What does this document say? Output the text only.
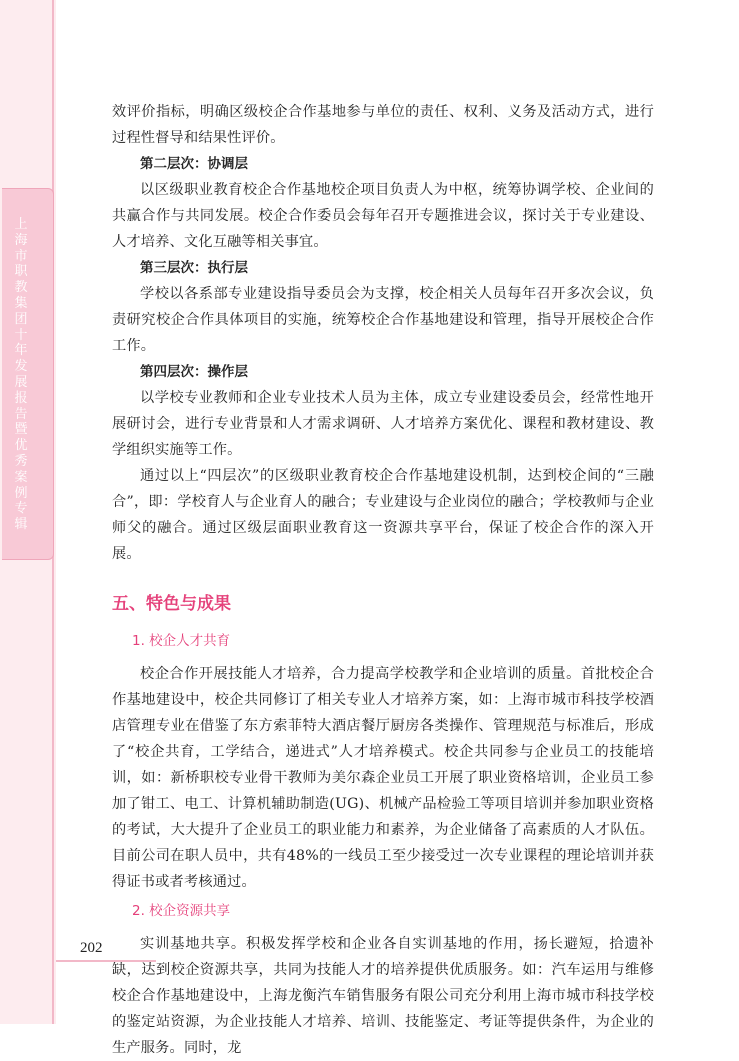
上海市职教集团十年发展报告暨优秀案例专辑

效评价指标，明确区级校企合作基地参与单位的责任、权利、义务及活动方式，进行过程性督导和结果性评价。

第二层次：协调层

以区级职业教育校企合作基地校企项目负责人为中枢，统筹协调学校、企业间的共赢合作与共同发展。校企合作委员会每年召开专题推进会议，探讨关于专业建设、人才培养、文化互融等相关事宜。

第三层次：执行层

学校以各系部专业建设指导委员会为支撑，校企相关人员每年召开多次会议，负责研究校企合作具体项目的实施，统筹校企合作基地建设和管理，指导开展校企合作工作。

第四层次：操作层

以学校专业教师和企业专业技术人员为主体，成立专业建设委员会，经常性地开展研讨会，进行专业背景和人才需求调研、人才培养方案优化、课程和教材建设、教学组织实施等工作。

通过以上“四层次”的区级职业教育校企合作基地建设机制，达到校企间的“三融合”，即：学校育人与企业育人的融合；专业建设与企业岗位的融合；学校教师与企业师父的融合。通过区级层面职业教育这一资源共享平台，保证了校企合作的深入开展。

五、特色与成果
1. 校企人才共育

校企合作开展技能人才培养，合力提高学校教学和企业培训的质量。首批校企合作基地建设中，校企共同修订了相关专业人才培养方案，如：上海市城市科技学校酒店管理专业在借鉴了东方索菲特大酒店餐厅厨房各类操作、管理规范与标准后，形成了“校企共育，工学结合，递进式”人才培养模式。校企共同参与企业员工的技能培训，如：新桥职校专业骨干教师为美尔森企业员工开展了职业资格培训，企业员工参加了钳工、电工、计算机辅助制造(UG)、机械产品检验工等项目培训并参加职业资格的考试，大大提升了企业员工的职业能力和素养，为企业储备了高素质的人才队伍。目前公司在职人员中，共有48%的一线员工至少接受过一次专业课程的理论培训并获得证书或者考核通过。

2. 校企资源共享

实训基地共享。积极发挥学校和企业各自实训基地的作用，扬长避短，拾遗补缺，达到校企资源共享，共同为技能人才的培养提供优质服务。如：汽车运用与维修校企合作基地建设中，上海龙衡汽车销售服务有限公司充分利用上海市城市科技学校的鉴定站资源，为企业技能人才培养、培训、技能鉴定、考证等提供条件，为企业的生产服务。同时，龙

202
